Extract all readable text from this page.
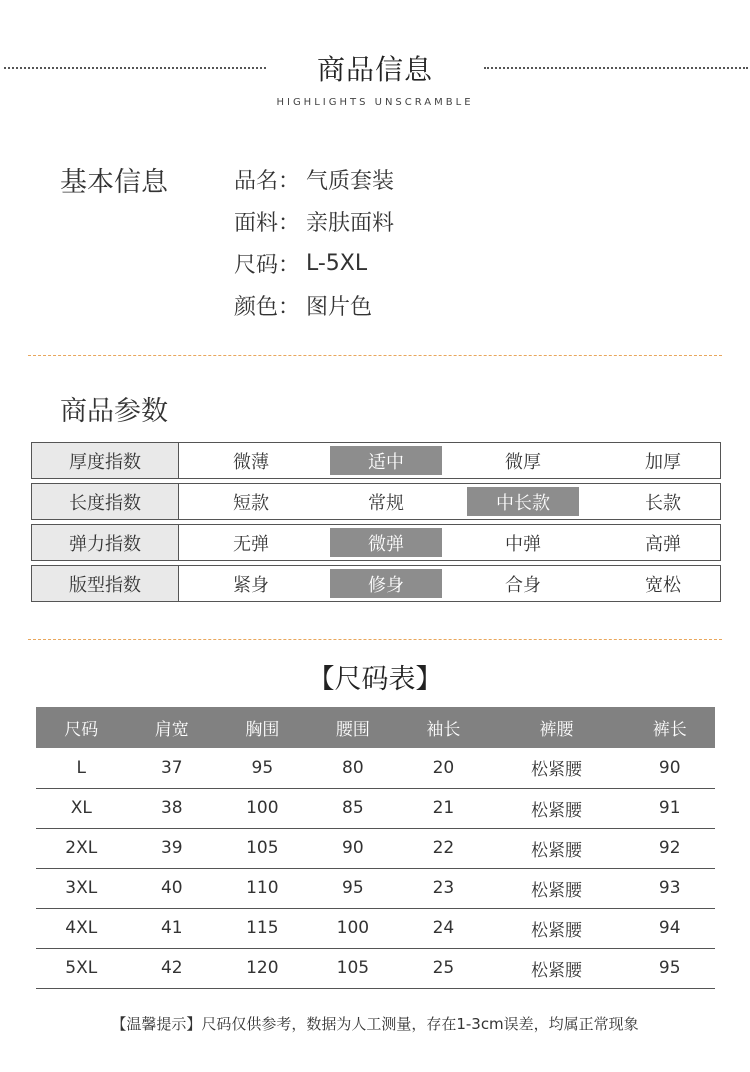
商品信息
HIGHLIGHTS UNSCRAMBLE
基本信息	品名： 气质套装
面料： 亲肤面料
尺码： L-5XL
颜色： 图片色
商品参数
厚度指数	微薄	适中	微厚	加厚
长度指数	短款	常规	中长款	长款
弹力指数	无弹	微弹	中弹	高弹
版型指数	紧身	修身	合身	宽松
【尺码表】
尺码	肩宽	胸围	腰围	袖长	裤腰	裤长
L	37	95	80	20	松紧腰	90
XL	38	100	85	21	松紧腰	91
2XL	39	105	90	22	松紧腰	92
3XL	40	110	95	23	松紧腰	93
4XL	41	115	100	24	松紧腰	94
5XL	42	120	105	25	松紧腰	95
【温馨提示】尺码仅供参考，数据为人工测量，存在1-3cm误差，均属正常现象
